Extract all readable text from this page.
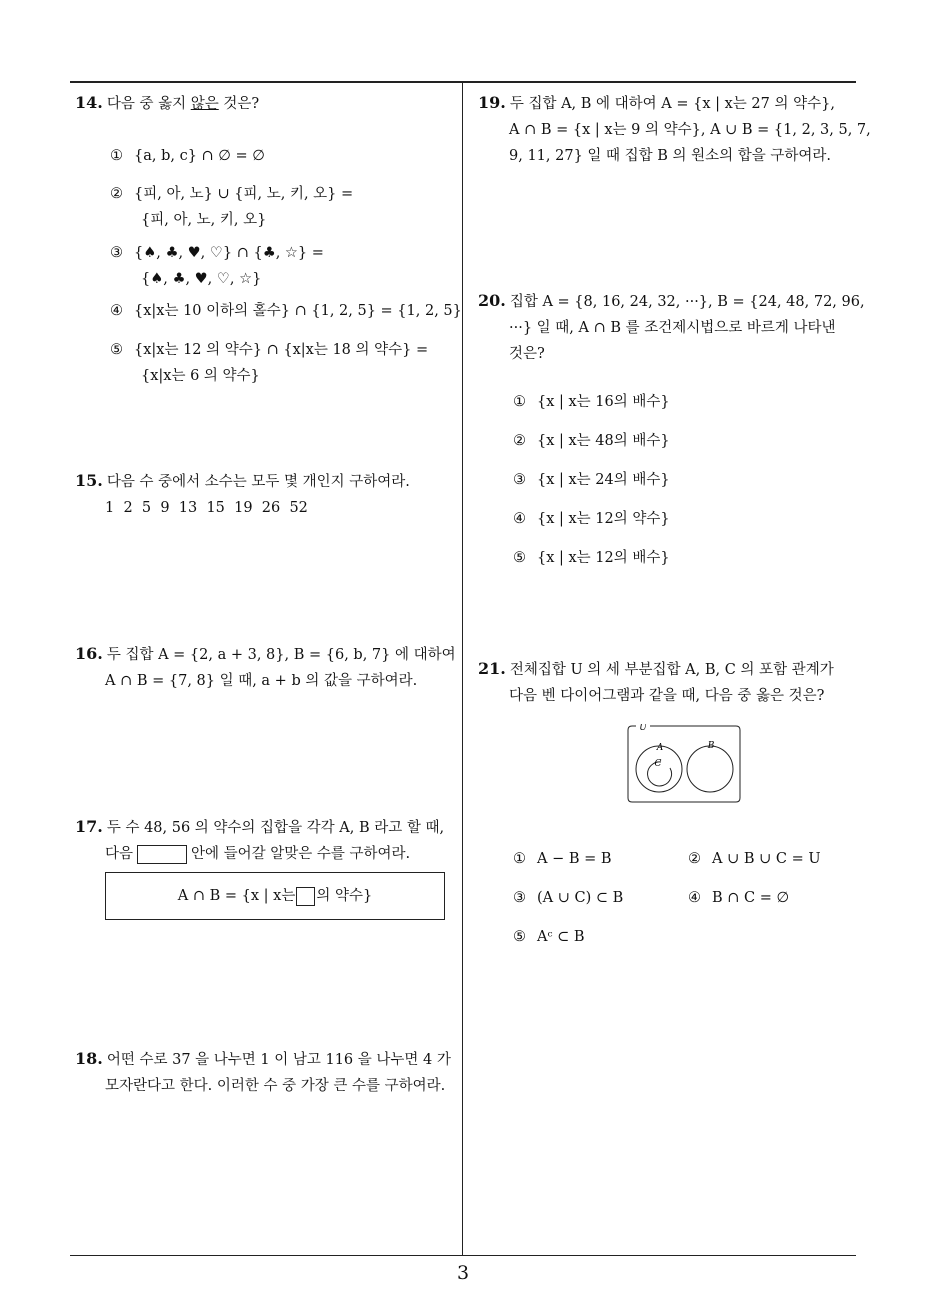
14. 다음 중 옳지 않은 것은?
① {a, b, c} ∩ ∅ = ∅
② {피, 아, 노} ∪ {피, 노, 키, 오} =
{피, 아, 노, 키, 오}
③ {♠, ♣, ♥, ♡} ∩ {♣, ☆} =
{♠, ♣, ♥, ♡, ☆}
④ {x|x는 10 이하의 홀수} ∩ {1, 2, 5} = {1, 2, 5}
⑤ {x|x는 12 의 약수} ∩ {x|x는 18 의 약수} =
{x|x는 6 의 약수}
15. 다음 수 중에서 소수는 모두 몇 개인지 구하여라.
1  2  5  9  13  15  19  26  52
16. 두 집합 A = {2, a + 3, 8}, B = {6, b, 7} 에 대하여
A ∩ B = {7, 8} 일 때, a + b 의 값을 구하여라.
17. 두 수 48, 56 의 약수의 집합을 각각 A, B 라고 할 때,
다음	안에 들어갈 알맞은 수를 구하여라.
A ∩ B = {x | x는 의 약수}
18. 어떤 수로 37 을 나누면 1 이 남고 116 을 나누면 4 가
모자란다고 한다. 이러한 수 중 가장 큰 수를 구하여라.
19. 두 집합 A, B 에 대하여 A = {x | x는 27 의 약수},
A ∩ B = {x | x는 9 의 약수}, A ∪ B = {1, 2, 3, 5, 7,
9, 11, 27} 일 때 집합 B 의 원소의 합을 구하여라.
20. 집합 A = {8, 16, 24, 32, ···}, B = {24, 48, 72, 96,
···} 일 때, A ∩ B 를 조건제시법으로 바르게 나타낸
것은?
① {x | x는 16의 배수}
② {x | x는 48의 배수}
③ {x | x는 24의 배수}
④ {x | x는 12의 약수}
⑤ {x | x는 12의 배수}
21. 전체집합 U 의 세 부분집합 A, B, C 의 포함 관계가
다음 벤 다이어그램과 같을 때, 다음 중 옳은 것은?
U
A
C
B
① A − B = B	② A ∪ B ∪ C = U
③ (A ∪ C) ⊂ B	④ B ∩ C = ∅
⑤ Aᶜ ⊂ B
3
